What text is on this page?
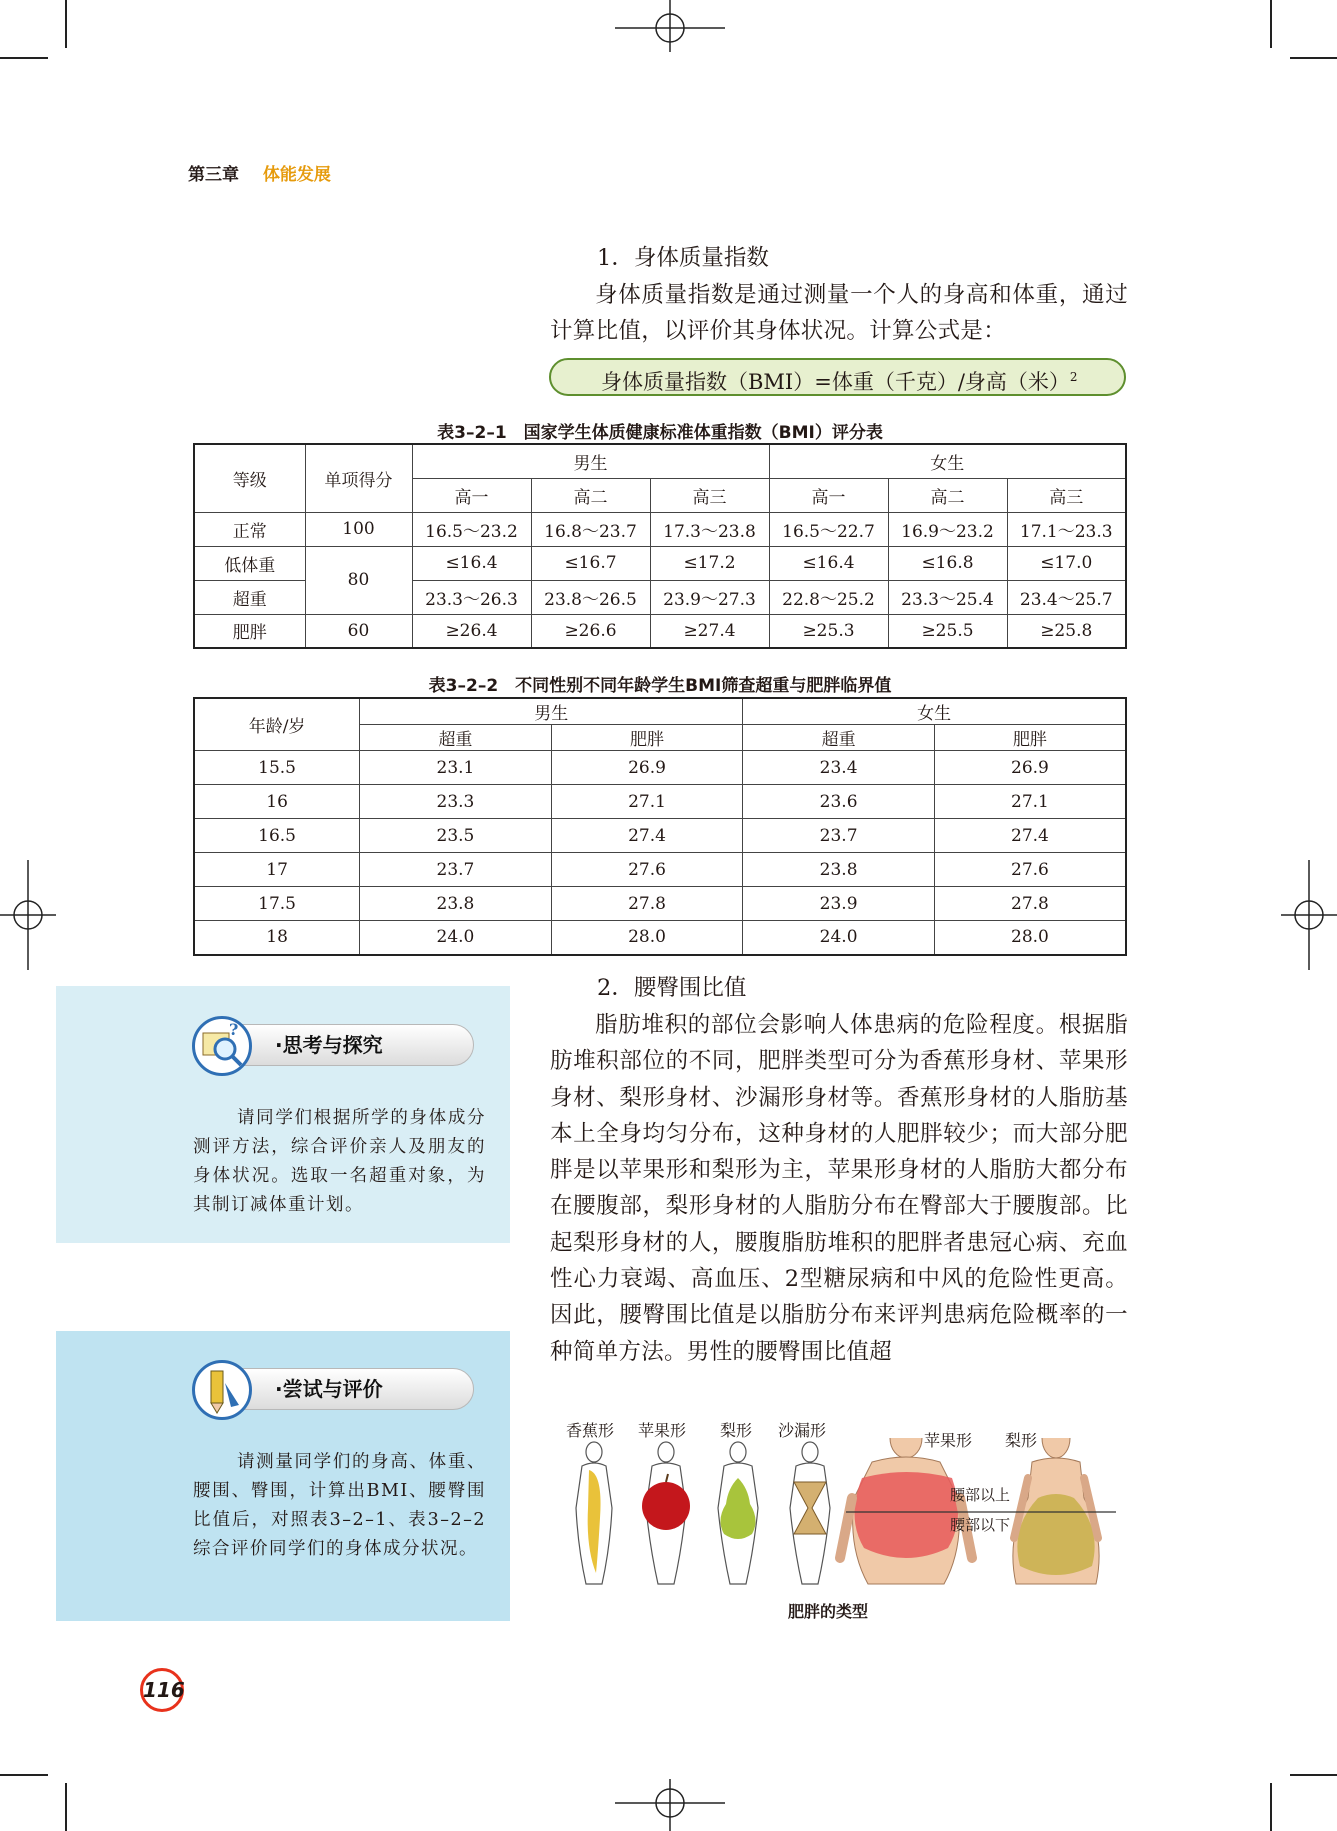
第三章 体能发展
1．身体质量指数
身体质量指数是通过测量一个人的身高和体重，通过计算比值，以评价其身体状况。计算公式是：
身体质量指数（BMI）=体重（千克）/身高（米）$^2$
表3–2–1　国家学生体质健康标准体重指数（BMI）评分表
等级	单项得分	男生			女生		
		高一	高二	高三	高一	高二	高三
正常	100	16.5～23.2	16.8～23.7	17.3～23.8	16.5～22.7	16.9～23.2	17.1～23.3
低体重	80	≤16.4	≤16.7	≤17.2	≤16.4	≤16.8	≤17.0
超重		23.3～26.3	23.8～26.5	23.9～27.3	22.8～25.2	23.3～25.4	23.4～25.7
肥胖	60	≥26.4	≥26.6	≥27.4	≥25.3	≥25.5	≥25.8
表3–2–2　不同性别不同年龄学生BMI筛查超重与肥胖临界值
年龄/岁	男生		女生	
	超重	肥胖	超重	肥胖
15.5	23.1	26.9	23.4	26.9
16	23.3	27.1	23.6	27.1
16.5	23.5	27.4	23.7	27.4
17	23.7	27.6	23.8	27.6
17.5	23.8	27.8	23.9	27.8
18	24.0	28.0	24.0	28.0
2．腰臀围比值
脂肪堆积的部位会影响人体患病的危险程度。根据脂肪堆积部位的不同，肥胖类型可分为香蕉形身材、苹果形身材、梨形身材、沙漏形身材等。香蕉形身材的人脂肪基本上全身均匀分布，这种身材的人肥胖较少；而大部分肥胖是以苹果形和梨形为主，苹果形身材的人脂肪大都分布在腰腹部，梨形身材的人脂肪分布在臀部大于腰腹部。比起梨形身材的人，腰腹脂肪堆积的肥胖者患冠心病、充血性心力衰竭、高血压、2型糖尿病和中风的危险性更高。因此，腰臀围比值是以脂肪分布来评判患病危险概率的一种简单方法。男性的腰臀围比值超
·思考与探究
?
请同学们根据所学的身体成分测评方法，综合评价亲人及朋友的身体状况。选取一名超重对象，为其制订减体重计划。
·尝试与评价
请测量同学们的身高、体重、腰围、臀围，计算出BMI、腰臀围比值后，对照表3–2–1、表3–2–2综合评价同学们的身体成分状况。
香蕉形 苹果形 梨形 沙漏形
苹果形 梨形
腰部以上
腰部以下
肥胖的类型
116
